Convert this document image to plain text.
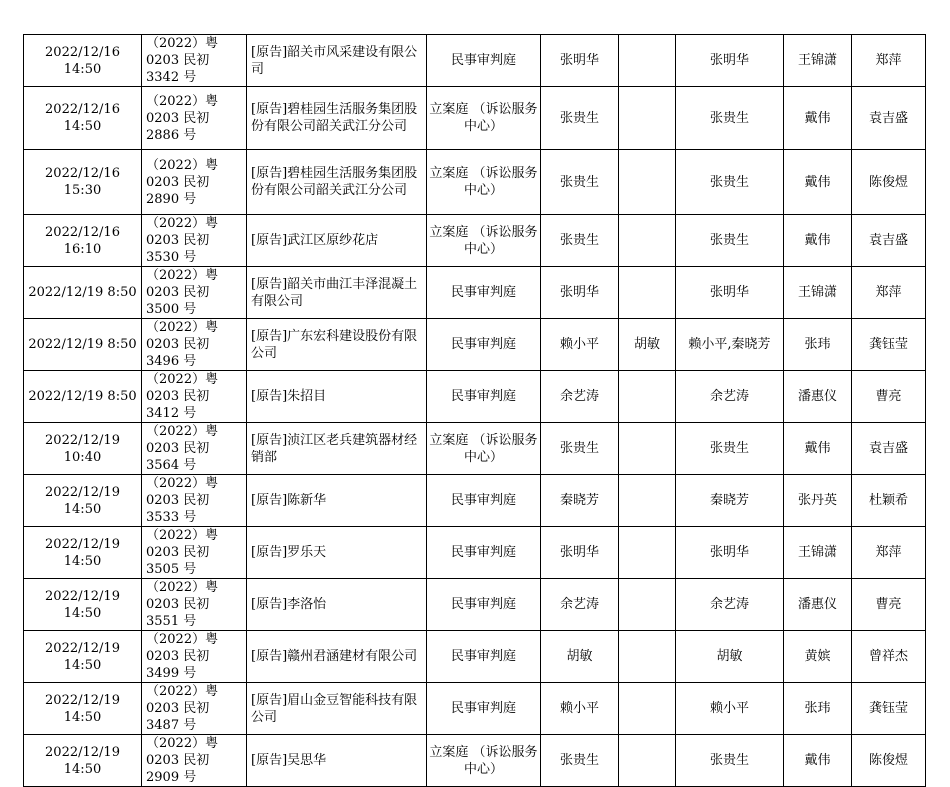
2022/12/16 14:50	（2022）粤 0203 民初 3342 号	[原告]韶关市风采建设有限公司	民事审判庭	张明华		张明华	王锦潇	郑萍
2022/12/16 14:50	（2022）粤 0203 民初 2886 号	[原告]碧桂园生活服务集团股份有限公司韶关武江分公司	立案庭 （诉讼服务中心）	张贵生		张贵生	戴伟	袁吉盛
2022/12/16 15:30	（2022）粤 0203 民初 2890 号	[原告]碧桂园生活服务集团股份有限公司韶关武江分公司	立案庭 （诉讼服务中心）	张贵生		张贵生	戴伟	陈俊煜
2022/12/16 16:10	（2022）粤 0203 民初 3530 号	[原告]武江区原纱花店	立案庭 （诉讼服务中心）	张贵生		张贵生	戴伟	袁吉盛
2022/12/19 8:50	（2022）粤 0203 民初 3500 号	[原告]韶关市曲江丰泽混凝土有限公司	民事审判庭	张明华		张明华	王锦潇	郑萍
2022/12/19 8:50	（2022）粤 0203 民初 3496 号	[原告]广东宏科建设股份有限公司	民事审判庭	赖小平	胡敏	赖小平,秦晓芳	张玮	龚钰莹
2022/12/19 8:50	（2022）粤 0203 民初 3412 号	[原告]朱招目	民事审判庭	余艺涛		余艺涛	潘惠仪	曹亮
2022/12/19 10:40	（2022）粤 0203 民初 3564 号	[原告]浈江区老兵建筑器材经销部	立案庭 （诉讼服务中心）	张贵生		张贵生	戴伟	袁吉盛
2022/12/19 14:50	（2022）粤 0203 民初 3533 号	[原告]陈新华	民事审判庭	秦晓芳		秦晓芳	张丹英	杜颖希
2022/12/19 14:50	（2022）粤 0203 民初 3505 号	[原告]罗乐天	民事审判庭	张明华		张明华	王锦潇	郑萍
2022/12/19 14:50	（2022）粤 0203 民初 3551 号	[原告]李洛怡	民事审判庭	余艺涛		余艺涛	潘惠仪	曹亮
2022/12/19 14:50	（2022）粤 0203 民初 3499 号	[原告]赣州君涵建材有限公司	民事审判庭	胡敏		胡敏	黄嫔	曾祥杰
2022/12/19 14:50	（2022）粤 0203 民初 3487 号	[原告]眉山金豆智能科技有限公司	民事审判庭	赖小平		赖小平	张玮	龚钰莹
2022/12/19 14:50	（2022）粤 0203 民初 2909 号	[原告]吴思华	立案庭 （诉讼服务中心）	张贵生		张贵生	戴伟	陈俊煜
